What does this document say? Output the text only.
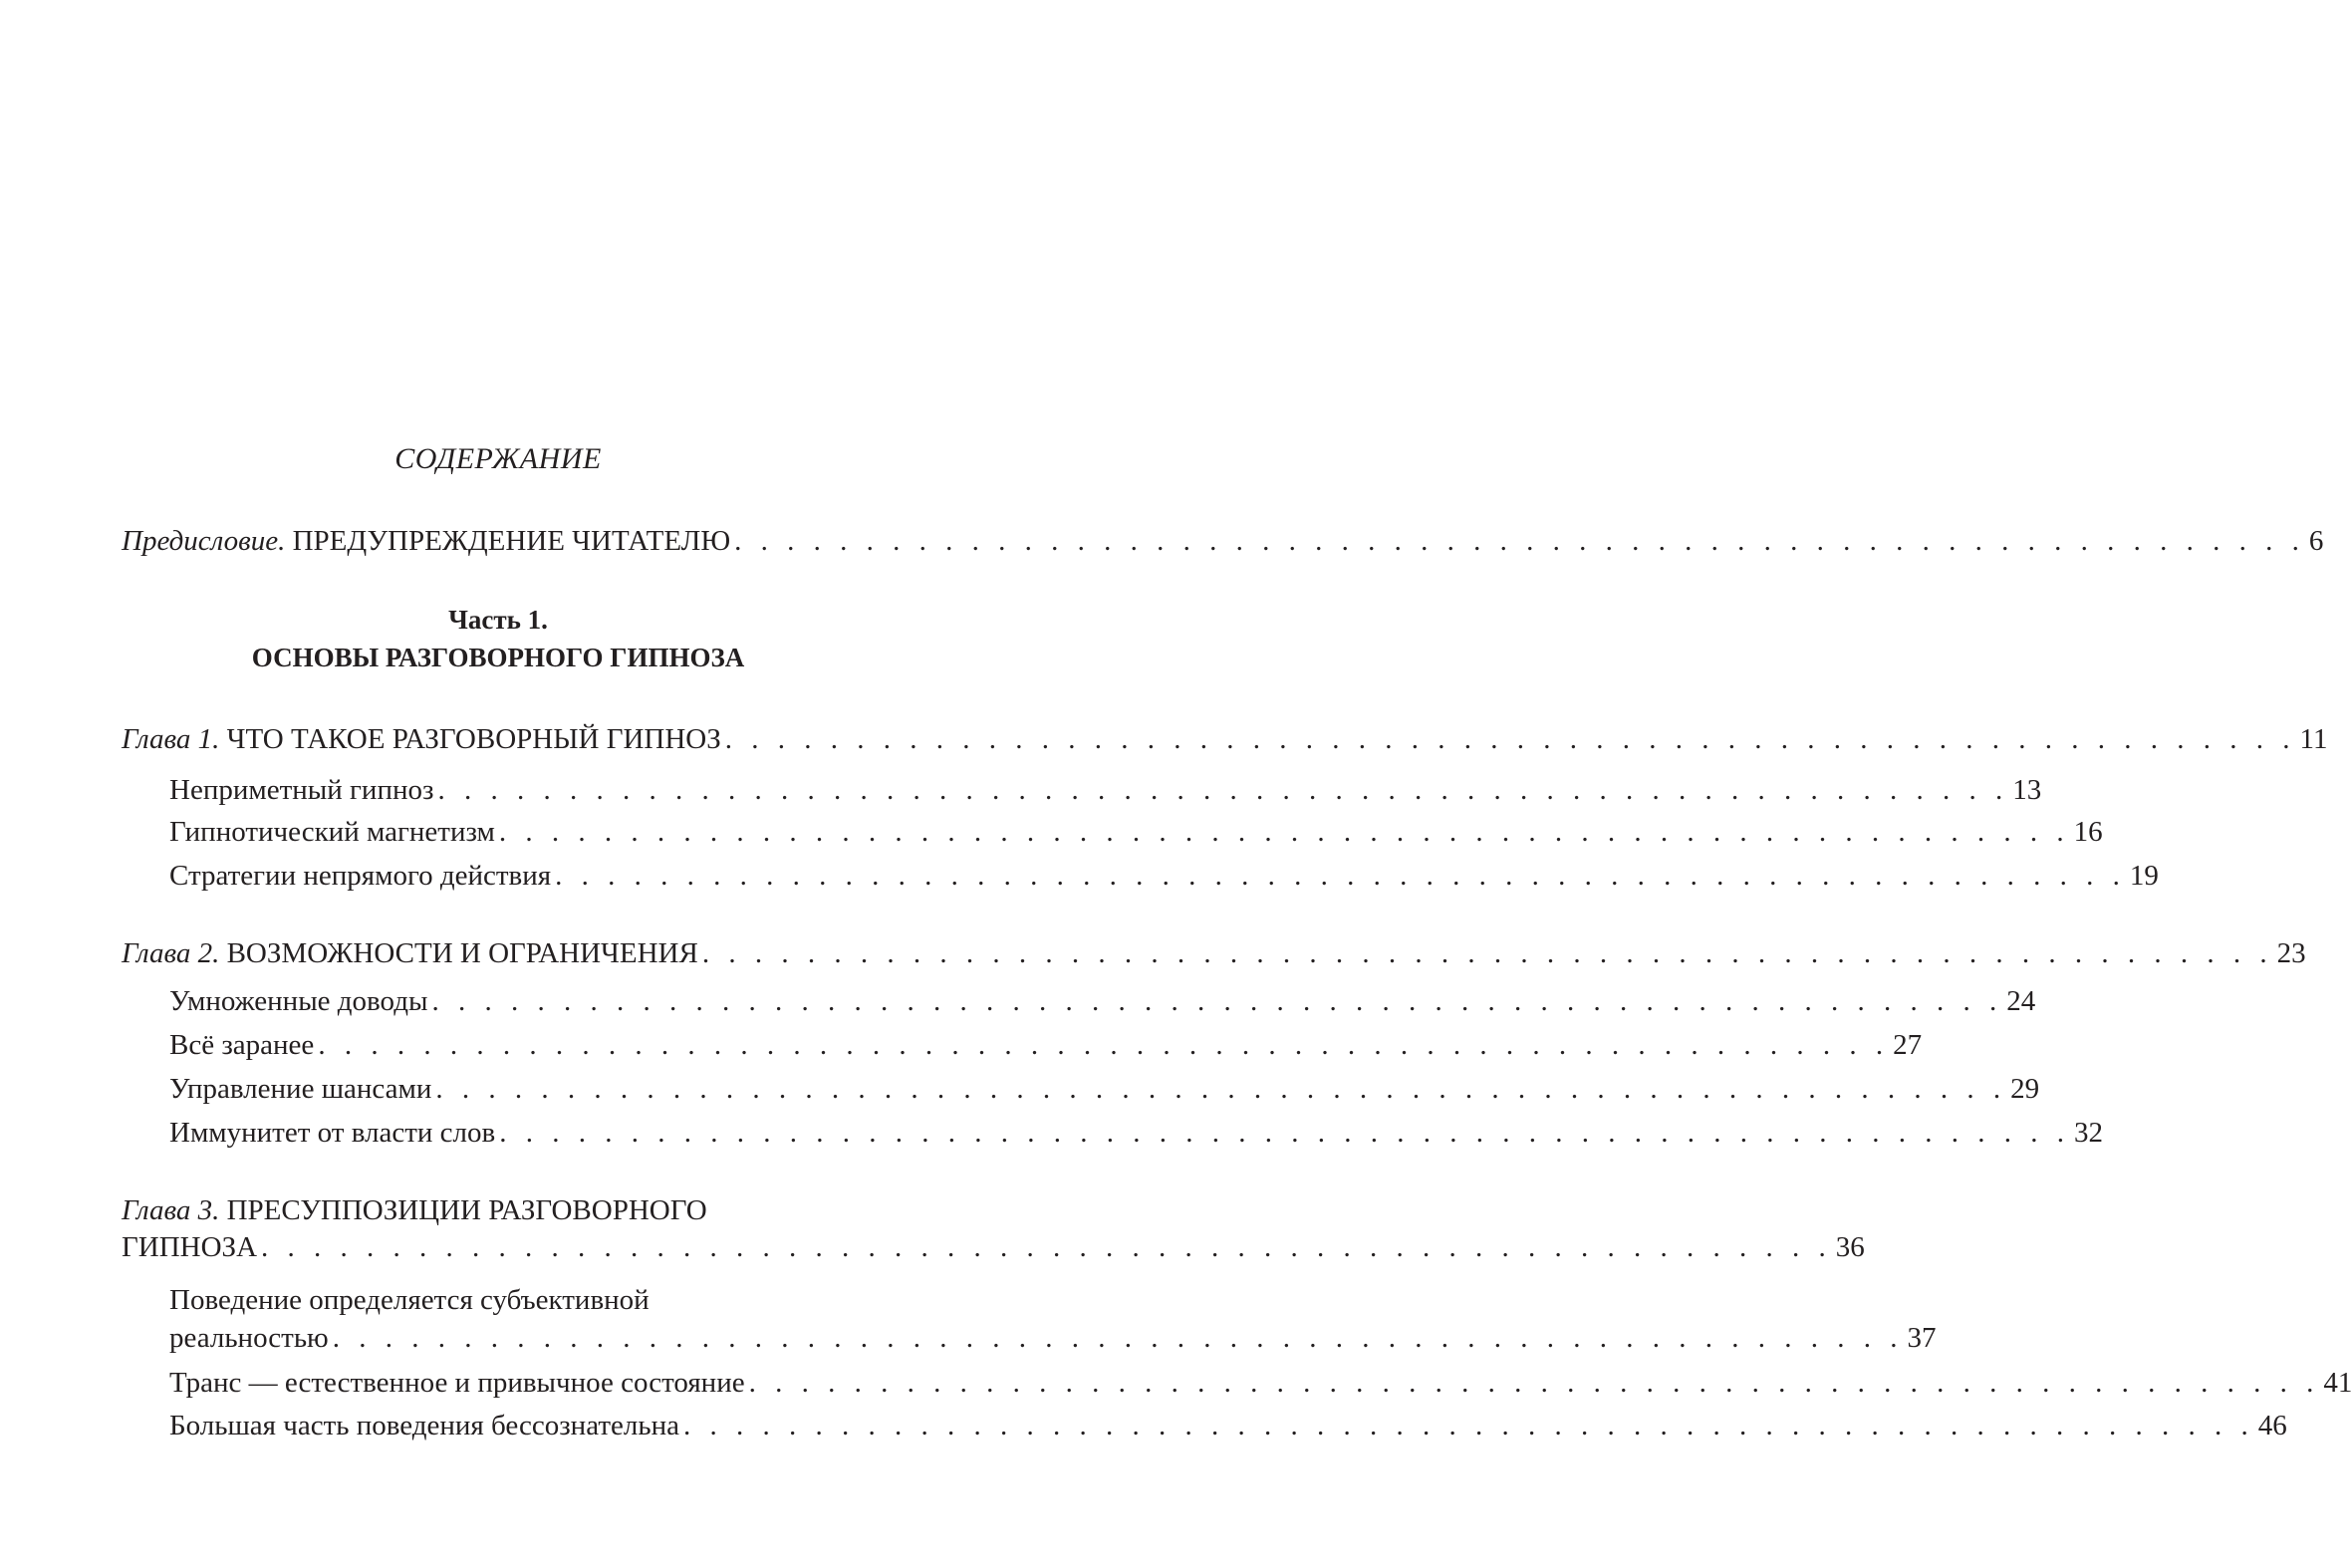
СОДЕРЖАНИЕ
Предисловие. ПРЕДУПРЕЖДЕНИЕ ЧИТАТЕЛЮ . . . . . . . . . . . . . . . . . . . . . . . . . . . . . . . . . . . . . . . . . . . . . . . . . . . . . . . . . . . . 6
Часть 1.
ОСНОВЫ РАЗГОВОРНОГО ГИПНОЗА
Глава 1. ЧТО ТАКОЕ РАЗГОВОРНЫЙ ГИПНОЗ . . . . . . . . . . . . . . . . . . . . . . . . . . . . . . . . . . . . . . . . . . . . . . . . . . . . . . . . . . . . 11
Неприметный гипноз . . . . . . . . . . . . . . . . . . . . . . . . . . . . . . . . . . . . . . . . . . . . . . . . . . . . . . . . . . . . 13
Гипнотический магнетизм . . . . . . . . . . . . . . . . . . . . . . . . . . . . . . . . . . . . . . . . . . . . . . . . . . . . . . . . . . . . 16
Стратегии непрямого действия . . . . . . . . . . . . . . . . . . . . . . . . . . . . . . . . . . . . . . . . . . . . . . . . . . . . . . . . . . . . 19
Глава 2. ВОЗМОЖНОСТИ И ОГРАНИЧЕНИЯ . . . . . . . . . . . . . . . . . . . . . . . . . . . . . . . . . . . . . . . . . . . . . . . . . . . . . . . . . . . . 23
Умноженные доводы . . . . . . . . . . . . . . . . . . . . . . . . . . . . . . . . . . . . . . . . . . . . . . . . . . . . . . . . . . . . 24
Всё заранее . . . . . . . . . . . . . . . . . . . . . . . . . . . . . . . . . . . . . . . . . . . . . . . . . . . . . . . . . . . . 27
Управление шансами . . . . . . . . . . . . . . . . . . . . . . . . . . . . . . . . . . . . . . . . . . . . . . . . . . . . . . . . . . . . 29
Иммунитет от власти слов . . . . . . . . . . . . . . . . . . . . . . . . . . . . . . . . . . . . . . . . . . . . . . . . . . . . . . . . . . . . 32
Глава 3. ПРЕСУППОЗИЦИИ РАЗГОВОРНОГО
ГИПНОЗА . . . . . . . . . . . . . . . . . . . . . . . . . . . . . . . . . . . . . . . . . . . . . . . . . . . . . . . . . . . . 36
Поведение определяется субъективной
реальностью . . . . . . . . . . . . . . . . . . . . . . . . . . . . . . . . . . . . . . . . . . . . . . . . . . . . . . . . . . . . 37
Транс — естественное и привычное состояние . . . . . . . . . . . . . . . . . . . . . . . . . . . . . . . . . . . . . . . . . . . . . . . . . . . . . . . . . . . . 41
Большая часть поведения бессознательна . . . . . . . . . . . . . . . . . . . . . . . . . . . . . . . . . . . . . . . . . . . . . . . . . . . . . . . . . . . . 46
